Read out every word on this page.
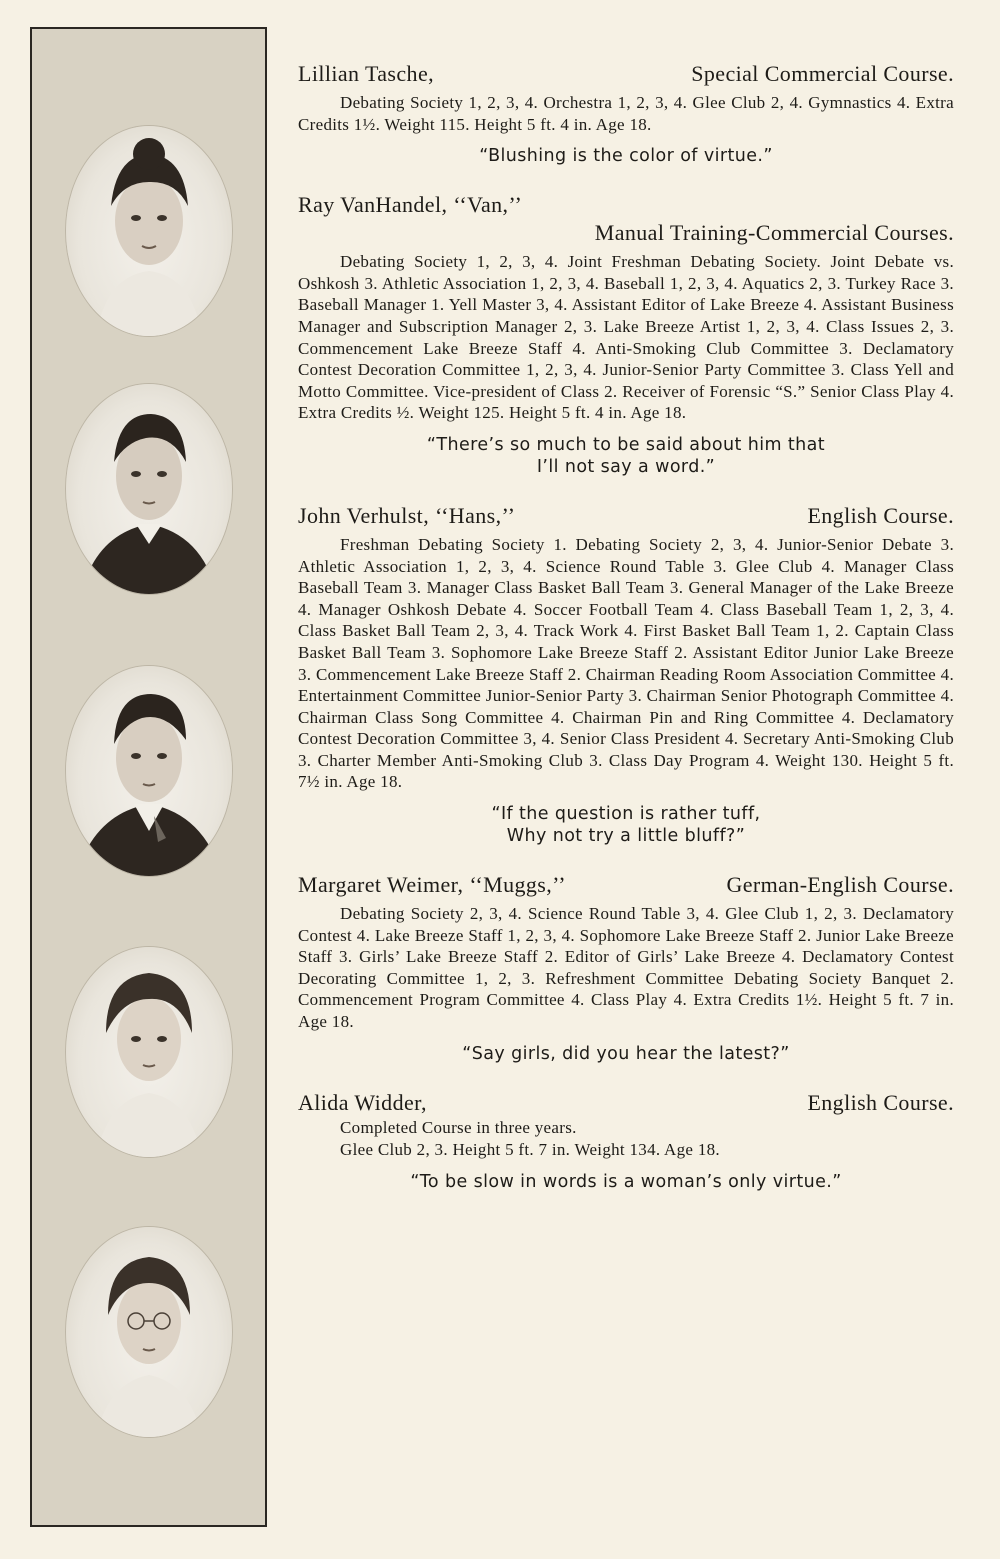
Lillian Tasche,	Special Commercial Course.
Debating Society 1, 2, 3, 4. Orchestra 1, 2, 3, 4. Glee Club 2, 4. Gymnastics 4. Extra Credits 1½. Weight 115. Height 5 ft. 4 in. Age 18.
“Blushing is the color of virtue.”
Ray VanHandel, ‘‘Van,’’
Manual Training-Commercial Courses.
Debating Society 1, 2, 3, 4. Joint Freshman Debating Society. Joint Debate vs. Oshkosh 3. Athletic Association 1, 2, 3, 4. Baseball 1, 2, 3, 4. Aquatics 2, 3. Turkey Race 3. Baseball Manager 1. Yell Master 3, 4. Assistant Editor of Lake Breeze 4. Assistant Business Manager and Subscription Manager 2, 3. Lake Breeze Artist 1, 2, 3, 4. Class Issues 2, 3. Commencement Lake Breeze Staff 4. Anti-Smoking Club Committee 3. Declamatory Contest Decoration Committee 1, 2, 3, 4. Junior-Senior Party Committee 3. Class Yell and Motto Committee. Vice-president of Class 2. Receiver of Forensic “S.” Senior Class Play 4. Extra Credits ½. Weight 125. Height 5 ft. 4 in. Age 18.
“There’s so much to be said about him that
I’ll not say a word.”
John Verhulst, ‘‘Hans,’’	English Course.
Freshman Debating Society 1. Debating Society 2, 3, 4. Junior-Senior Debate 3. Athletic Association 1, 2, 3, 4. Science Round Table 3. Glee Club 4. Manager Class Baseball Team 3. Manager Class Basket Ball Team 3. General Manager of the Lake Breeze 4. Manager Oshkosh Debate 4. Soccer Football Team 4. Class Baseball Team 1, 2, 3, 4. Class Basket Ball Team 2, 3, 4. Track Work 4. First Basket Ball Team 1, 2. Captain Class Basket Ball Team 3. Sophomore Lake Breeze Staff 2. Assistant Editor Junior Lake Breeze 3. Commencement Lake Breeze Staff 2. Chairman Reading Room Association Committee 4. Entertainment Committee Junior-Senior Party 3. Chairman Senior Photograph Committee 4. Chairman Class Song Committee 4. Chairman Pin and Ring Committee 4. Declamatory Contest Decoration Committee 3, 4. Senior Class President 4. Secretary Anti-Smoking Club 3. Charter Member Anti-Smoking Club 3. Class Day Program 4. Weight 130. Height 5 ft. 7½ in. Age 18.
“If the question is rather tuff,
Why not try a little bluff?”
Margaret Weimer, ‘‘Muggs,’’	German-English Course.
Debating Society 2, 3, 4. Science Round Table 3, 4. Glee Club 1, 2, 3. Declamatory Contest 4. Lake Breeze Staff 1, 2, 3, 4. Sophomore Lake Breeze Staff 2. Junior Lake Breeze Staff 3. Girls’ Lake Breeze Staff 2. Editor of Girls’ Lake Breeze 4. Declamatory Contest Decorating Committee 1, 2, 3. Refreshment Committee Debating Society Banquet 2. Commencement Program Committee 4. Class Play 4. Extra Credits 1½. Height 5 ft. 7 in. Age 18.
“Say girls, did you hear the latest?”
Alida Widder,	English Course.
Completed Course in three years.
Glee Club 2, 3. Height 5 ft. 7 in. Weight 134. Age 18.
“To be slow in words is a woman’s only virtue.”
